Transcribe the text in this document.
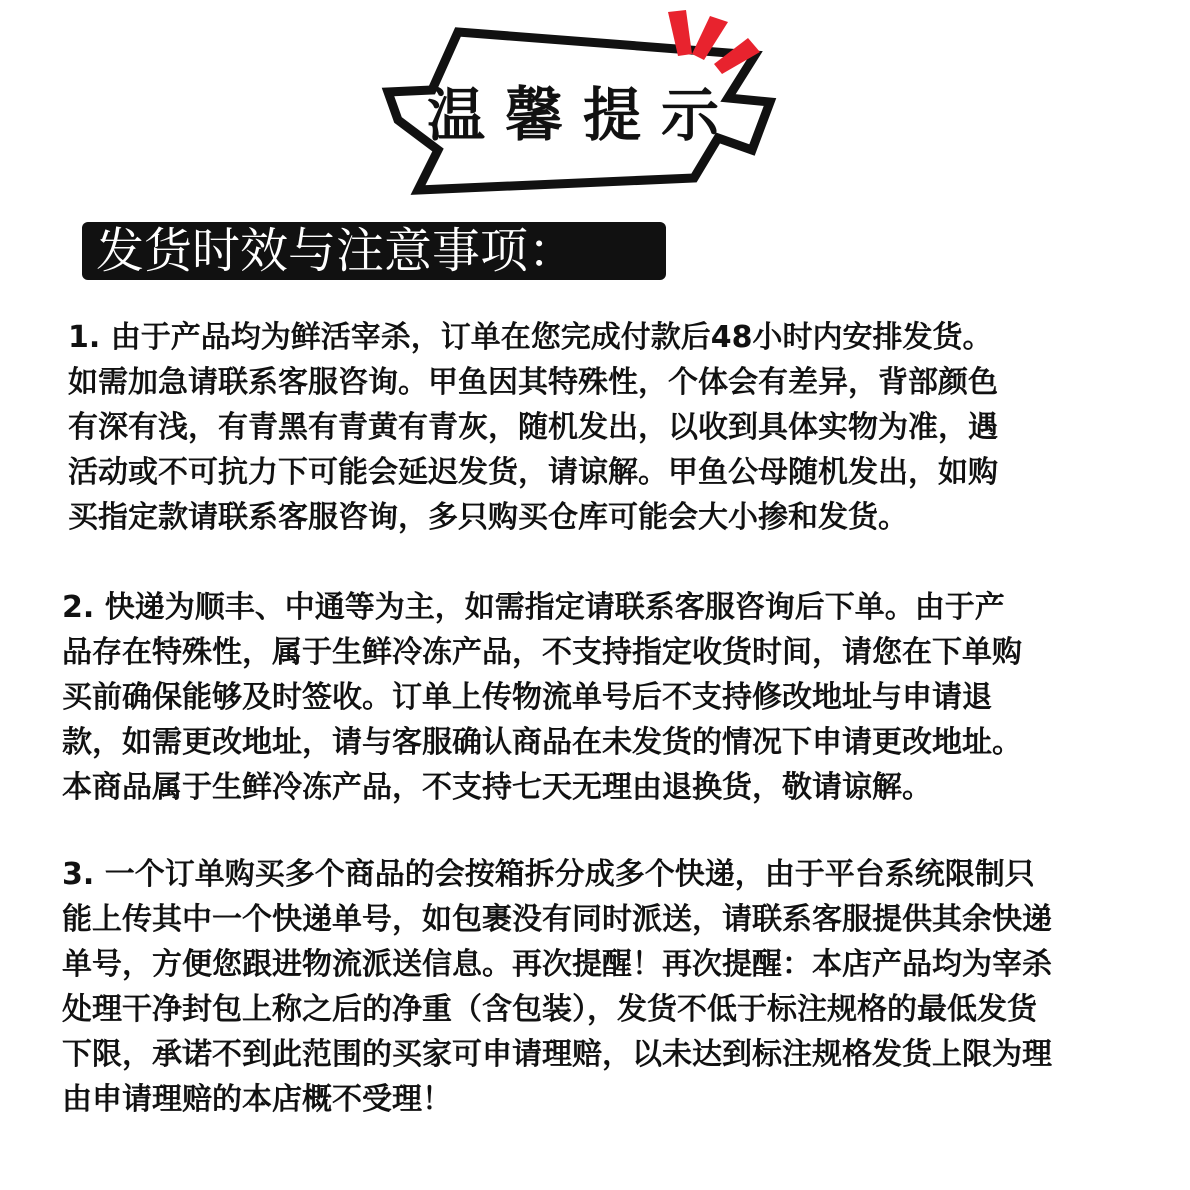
温馨提示
发货时效与注意事项：
1. 由于产品均为鲜活宰杀，订单在您完成付款后48小时内安排发货。
如需加急请联系客服咨询。甲鱼因其特殊性，个体会有差异，背部颜色
有深有浅，有青黑有青黄有青灰，随机发出，以收到具体实物为准，遇
活动或不可抗力下可能会延迟发货，请谅解。甲鱼公母随机发出，如购
买指定款请联系客服咨询，多只购买仓库可能会大小掺和发货。
2. 快递为顺丰、中通等为主，如需指定请联系客服咨询后下单。由于产
品存在特殊性，属于生鲜冷冻产品，不支持指定收货时间，请您在下单购
买前确保能够及时签收。订单上传物流单号后不支持修改地址与申请退
款，如需更改地址，请与客服确认商品在未发货的情况下申请更改地址。
本商品属于生鲜冷冻产品，不支持七天无理由退换货，敬请谅解。
3. 一个订单购买多个商品的会按箱拆分成多个快递，由于平台系统限制只
能上传其中一个快递单号，如包裹没有同时派送，请联系客服提供其余快递
单号，方便您跟进物流派送信息。再次提醒！再次提醒：本店产品均为宰杀
处理干净封包上称之后的净重（含包装），发货不低于标注规格的最低发货
下限，承诺不到此范围的买家可申请理赔，以未达到标注规格发货上限为理
由申请理赔的本店概不受理！
